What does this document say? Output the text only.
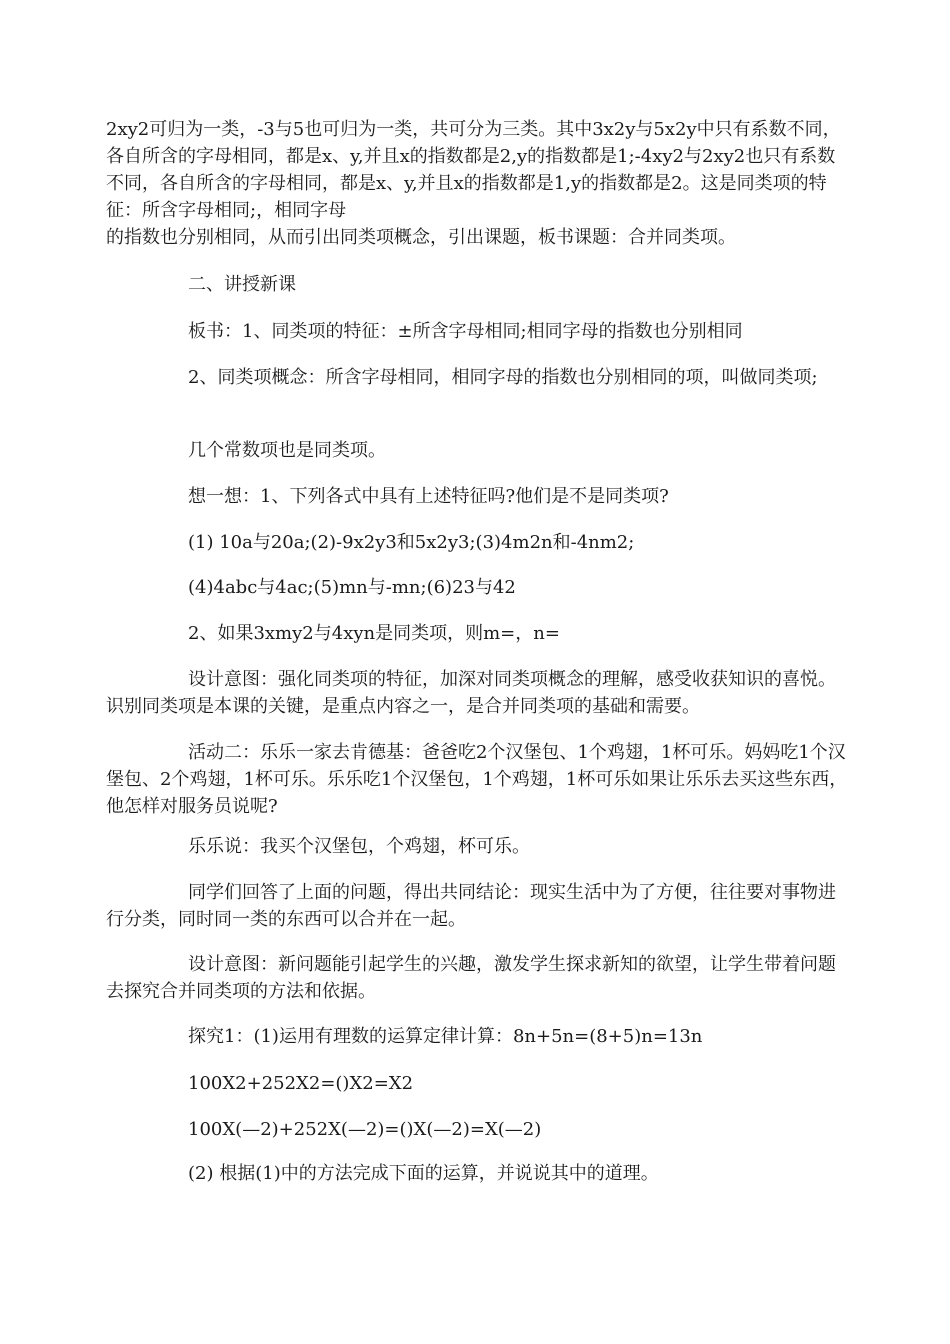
2xy2可归为一类，-3与5也可归为一类，共可分为三类。其中3x2y与5x2y中只有系数不同，各自所含的字母相同，都是x、y,并且x的指数都是2,y的指数都是1;-4xy2与2xy2也只有系数不同，各自所含的字母相同，都是x、y,并且x的指数都是1,y的指数都是2。这是同类项的特征：所含字母相同;，相同字母

的指数也分别相同，从而引出同类项概念，引出课题，板书课题：合并同类项。

二、讲授新课

板书：1、同类项的特征：±所含字母相同;相同字母的指数也分别相同

2、同类项概念：所含字母相同，相同字母的指数也分别相同的项，叫做同类项;

几个常数项也是同类项。

想一想：1、下列各式中具有上述特征吗?他们是不是同类项?

(1) 10a与20a;(2)-9x2y3和5x2y3;(3)4m2n和-4nm2;

(4)4abc与4ac;(5)mn与-mn;(6)23与42

2、如果3xmy2与4xyn是同类项，则m=，n=

设计意图：强化同类项的特征，加深对同类项概念的理解，感受收获知识的喜悦。识别同类项是本课的关键，是重点内容之一，是合并同类项的基础和需要。

活动二：乐乐一家去肯德基：爸爸吃2个汉堡包、1个鸡翅，1杯可乐。妈妈吃1个汉堡包、2个鸡翅，1杯可乐。乐乐吃1个汉堡包，1个鸡翅，1杯可乐如果让乐乐去买这些东西，他怎样对服务员说呢?

乐乐说：我买个汉堡包，个鸡翅，杯可乐。

同学们回答了上面的问题，得出共同结论：现实生活中为了方便，往往要对事物进行分类，同时同一类的东西可以合并在一起。

设计意图：新问题能引起学生的兴趣，激发学生探求新知的欲望，让学生带着问题去探究合并同类项的方法和依据。

探究1：(1)运用有理数的运算定律计算：8n+5n=(8+5)n=13n

100X2+252X2=()X2=X2

100X(—2)+252X(—2)=()X(—2)=X(—2)

(2) 根据(1)中的方法完成下面的运算，并说说其中的道理。
